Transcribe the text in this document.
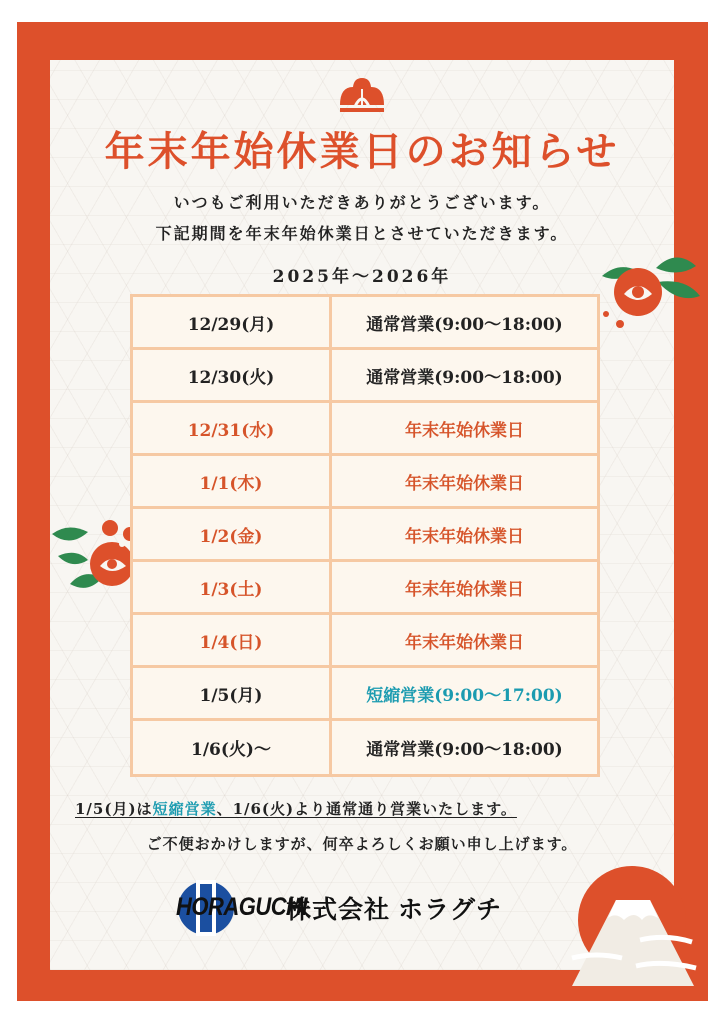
年末年始休業日のお知らせ
いつもご利用いただきありがとうございます。
下記期間を年末年始休業日とさせていただきます。
2025年～2026年
12/29(月)	通常営業(9:00～18:00)
12/30(火)	通常営業(9:00～18:00)
12/31(水)	年末年始休業日
1/1(木)	年末年始休業日
1/2(金)	年末年始休業日
1/3(土)	年末年始休業日
1/4(日)	年末年始休業日
1/5(月)	短縮営業(9:00～17:00)
1/6(火)～	通常営業(9:00～18:00)
1/5(月)は短縮営業、1/6(火)より通常通り営業いたします。
ご不便おかけしますが、何卒よろしくお願い申し上げます。
HORAGUCHI
株式会社 ホラグチ
